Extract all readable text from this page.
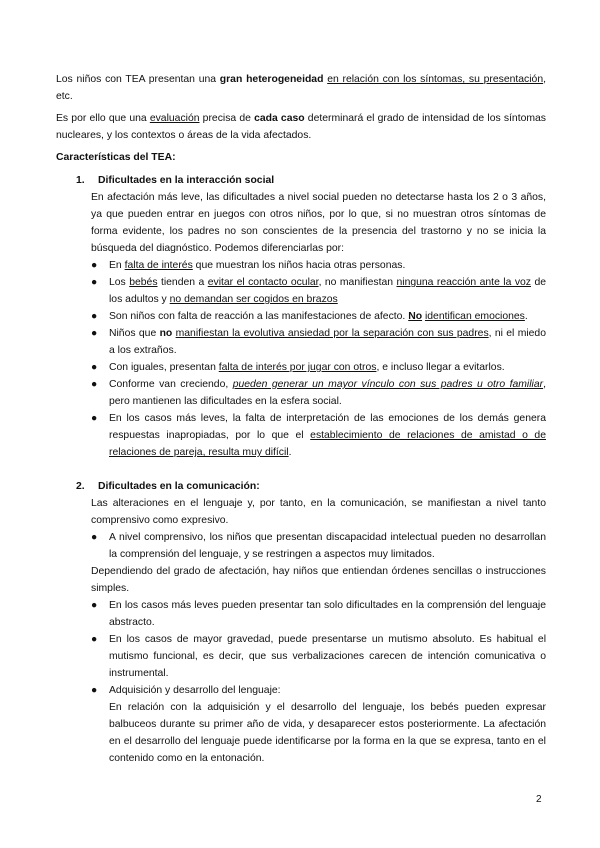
Los niños con TEA presentan una gran heterogeneidad en relación con los síntomas, su presentación, etc.

Es por ello que una evaluación precisa de cada caso determinará el grado de intensidad de los síntomas nucleares, y los contextos o áreas de la vida afectados.

Características del TEA:

1.	Dificultades en la interacción social

En afectación más leve, las dificultades a nivel social pueden no detectarse hasta los 2 o 3 años, ya que pueden entrar en juegos con otros niños, por lo que, si no muestran otros síntomas de forma evidente, los padres no son conscientes de la presencia del trastorno y no se inicia la búsqueda del diagnóstico. Podemos diferenciarlas por:

●	En falta de interés que muestran los niños hacia otras personas.
●	Los bebés tienden a evitar el contacto ocular, no manifiestan ninguna reacción ante la voz de los adultos y no demandan ser cogidos en brazos
●	Son niños con falta de reacción a las manifestaciones de afecto. No identifican emociones.
●	Niños que no manifiestan la evolutiva ansiedad por la separación con sus padres, ni el miedo a los extraños.
●	Con iguales, presentan falta de interés por jugar con otros, e incluso llegar a evitarlos.
●	Conforme van creciendo, pueden generar un mayor vínculo con sus padres u otro familiar, pero mantienen las dificultades en la esfera social.
●	En los casos más leves, la falta de interpretación de las emociones de los demás genera respuestas inapropiadas, por lo que el establecimiento de relaciones de amistad o de relaciones de pareja, resulta muy difícil.
2.	Dificultades en la comunicación:

Las alteraciones en el lenguaje y, por tanto, en la comunicación, se manifiestan a nivel tanto comprensivo como expresivo.

●	A nivel comprensivo, los niños que presentan discapacidad intelectual pueden no desarrollan la comprensión del lenguaje, y se restringen a aspectos muy limitados.

Dependiendo del grado de afectación, hay niños que entiendan órdenes sencillas o instrucciones simples.

●	En los casos más leves pueden presentar tan solo dificultades en la comprensión del lenguaje abstracto.
●	En los casos de mayor gravedad, puede presentarse un mutismo absoluto. Es habitual el mutismo funcional, es decir, que sus verbalizaciones carecen de intención comunicativa o instrumental.
●	Adquisición y desarrollo del lenguaje:

En relación con la adquisición y el desarrollo del lenguaje, los bebés pueden expresar balbuceos durante su primer año de vida, y desaparecer estos posteriormente. La afectación en el desarrollo del lenguaje puede identificarse por la forma en la que se expresa, tanto en el contenido como en la entonación.

2
